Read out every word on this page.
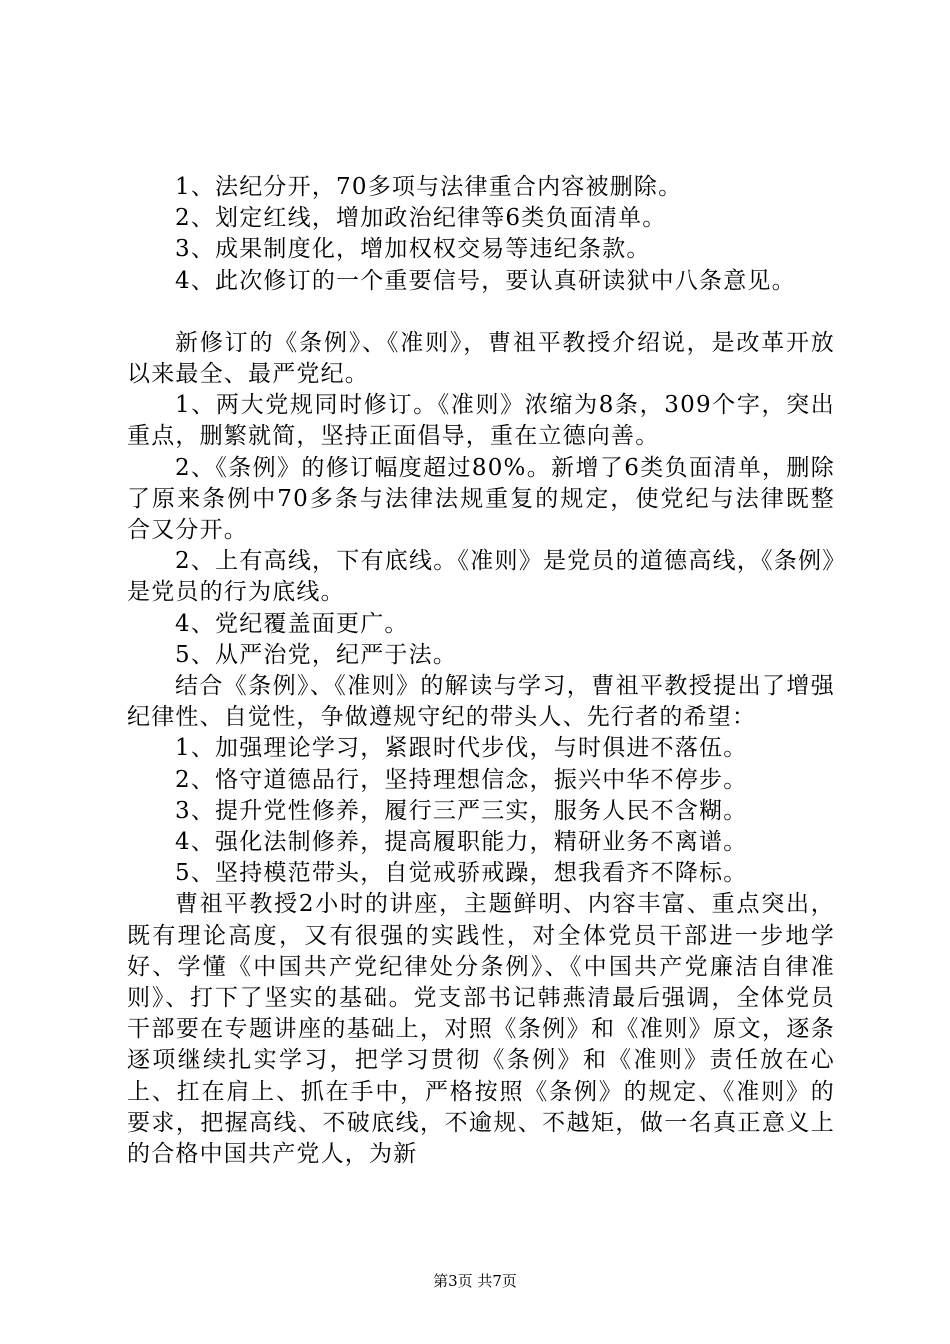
1、法纪分开，70多项与法律重合内容被删除。

2、划定红线，增加政治纪律等6类负面清单。

3、成果制度化，增加权权交易等违纪条款。

4、此次修订的一个重要信号，要认真研读狱中八条意见。

新修订的《条例》、《准则》，曹祖平教授介绍说，是改革开放以来最全、最严党纪。

1、两大党规同时修订。《准则》浓缩为8条，309个字，突出重点，删繁就简，坚持正面倡导，重在立德向善。

2、《条例》的修订幅度超过80%。新增了6类负面清单，删除了原来条例中70多条与法律法规重复的规定，使党纪与法律既整合又分开。

2、上有高线，下有底线。《准则》是党员的道德高线，《条例》是党员的行为底线。

4、党纪覆盖面更广。

5、从严治党，纪严于法。

结合《条例》、《准则》的解读与学习，曹祖平教授提出了增强纪律性、自觉性，争做遵规守纪的带头人、先行者的希望：

1、加强理论学习，紧跟时代步伐，与时俱进不落伍。

2、恪守道德品行，坚持理想信念，振兴中华不停步。

3、提升党性修养，履行三严三实，服务人民不含糊。

4、强化法制修养，提高履职能力，精研业务不离谱。

5、坚持模范带头，自觉戒骄戒躁，想我看齐不降标。

曹祖平教授2小时的讲座，主题鲜明、内容丰富、重点突出，既有理论高度，又有很强的实践性，对全体党员干部进一步地学好、学懂《中国共产党纪律处分条例》、《中国共产党廉洁自律准则》、打下了坚实的基础。党支部书记韩燕清最后强调，全体党员干部要在专题讲座的基础上，对照《条例》和《准则》原文，逐条逐项继续扎实学习，把学习贯彻《条例》和《准则》责任放在心上、扛在肩上、抓在手中，严格按照《条例》的规定、《准则》的要求，把握高线、不破底线，不逾规、不越矩，做一名真正意义上的合格中国共产党人，为新

第3页 共7页
